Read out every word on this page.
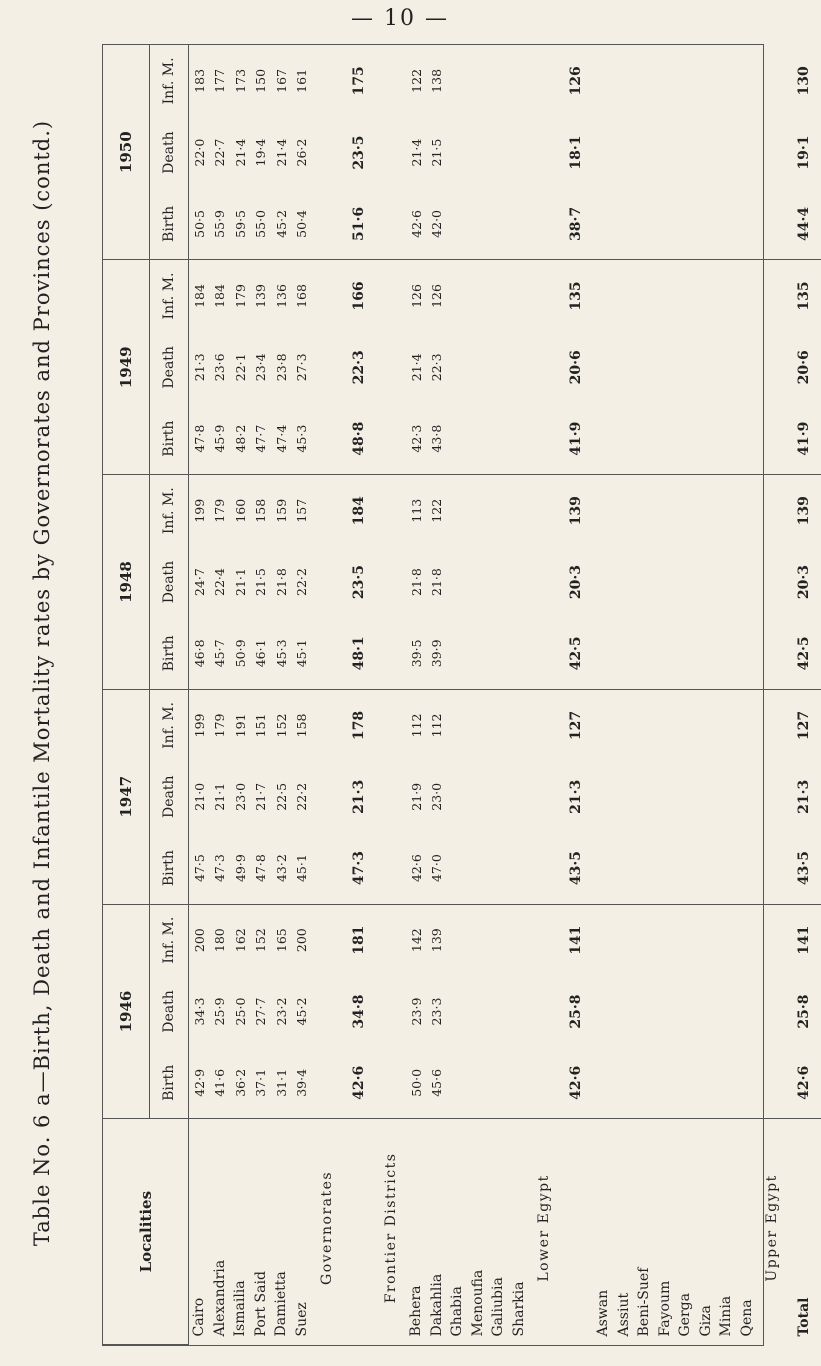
— 10 —
Table No. 6 a—Birth, Death and Infantile Mortality rates by Governorates and Provinces (contd.)	Localities	1946			1947			1948			1949			1950		
	Birth	Death	Inf. M.	Birth	Death	Inf. M.	Birth	Death	Inf. M.	Birth	Death	Inf. M.	Birth	Death	Inf. M.
Cairo	42·9	34·3	200	47·5	21·0	199	46·8	24·7	199	47·8	21·3	184	50·5	22·0	183
Alexandria	41·6	25·9	180	47·3	21·1	179	45·7	22·4	179	45·9	23·6	184	55·9	22·7	177
Ismailia	36·2	25·0	162	49·9	23·0	191	50·9	21·1	160	48·2	22·1	179	59·5	21·4	173
Port Said	37·1	27·7	152	47·8	21·7	151	46·1	21·5	158	47·7	23·4	139	55·0	19·4	150
Damietta	31·1	23·2	165	43·2	22·5	152	45·3	21·8	159	47·4	23·8	136	45·2	21·4	167
Suez	39·4	45·2	200	45·1	22·2	158	45·1	22·2	157	45·3	27·3	168	50·4	26·2	161
Governorates															
	42·6	34·8	181	47·3	21·3	178	48·1	23·5	184	48·8	22·3	166	51·6	23·5	175
Frontier Districts															
Behera	50·0	23·9	142	42·6	21·9	112	39·5	21·8	113	42·3	21·4	126	42·6	21·4	122
Dakahlia	45·6	23·3	139	47·0	23·0	112	39·9	21·8	122	43·8	22·3	126	42·0	21·5	138
Ghabia															
Menoufia															
Galiubia															
Sharkia															
Lower Egypt															
	42·6	25·8	141	43·5	21·3	127	42·5	20·3	139	41·9	20·6	135	38·7	18·1	126
Aswan															
Assiut															
Beni-Suef															
Fayoum															
Gerga															
Giza															
Minia															
Qena															
Upper Egypt															
Total	42·6	25·8	141	43·5	21·3	127	42·5	20·3	139	41·9	20·6	135	44·4	19·1	130
